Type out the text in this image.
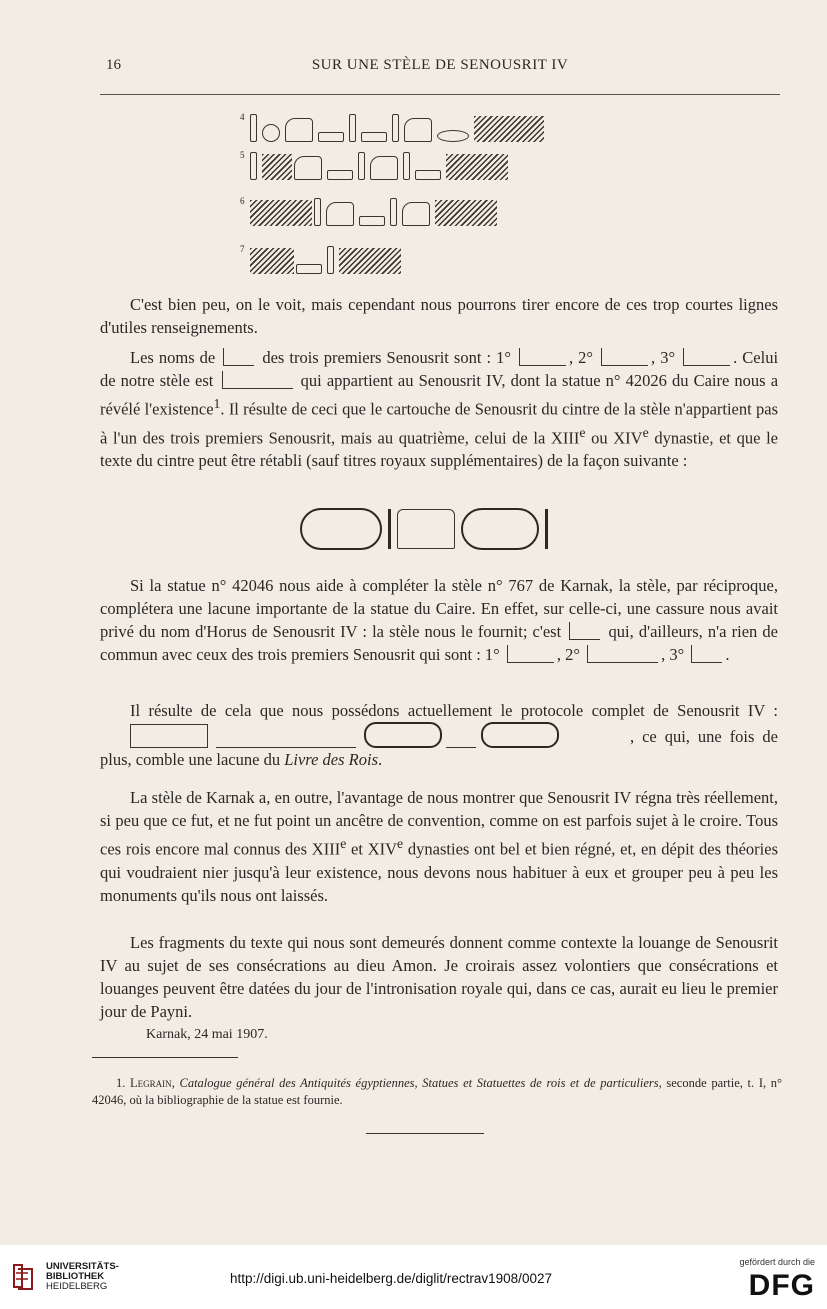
16	SUR UNE STÈLE DE SENOUSRIT IV
4
5
6
7

C'est bien peu, on le voit, mais cependant nous pourrons tirer encore de ces trop courtes lignes d'utiles renseignements.

Les noms de	des trois premiers Senousrit sont : 1°	, 2°	, 3°	. Celui de notre stèle est	qui appartient au Senousrit IV, dont la statue n° 42026 du Caire nous a révélé l'existence$^1$. Il résulte de ceci que le cartouche de Senousrit du cintre de la stèle n'appartient pas à l'un des trois premiers Senousrit, mais au quatrième, celui de la XIIIe ou XIVe dynastie, et que le texte du cintre peut être rétabli (sauf titres royaux supplémentaires) de la façon suivante :

Si la statue n° 42046 nous aide à compléter la stèle n° 767 de Karnak, la stèle, par réciproque, complétera une lacune importante de la statue du Caire. En effet, sur celle-ci, une cassure nous avait privé du nom d'Horus de Senousrit IV : la stèle nous le fournit; c'est	qui, d'ailleurs, n'a rien de commun avec ceux des trois premiers Senousrit qui sont : 1°	, 2°	, 3° .

Il résulte de cela que nous possédons actuellement le protocole complet de Senousrit IV :     , ce qui, une fois de plus, comble une lacune du Livre des Rois.

La stèle de Karnak a, en outre, l'avantage de nous montrer que Senousrit IV régna très réellement, si peu que ce fut, et ne fut point un ancêtre de convention, comme on est parfois sujet à le croire. Tous ces rois encore mal connus des XIIIe et XIVe dynasties ont bel et bien régné, et, en dépit des théories qui voudraient nier jusqu'à leur existence, nous devons nous habituer à eux et grouper peu à peu les monuments qu'ils nous ont laissés.

Les fragments du texte qui nous sont demeurés donnent comme contexte la louange de Senousrit IV au sujet de ses consécrations au dieu Amon. Je croirais assez volontiers que consécrations et louanges peuvent être datées du jour de l'intronisation royale qui, dans ce cas, aurait eu lieu le premier jour de Payni.

Karnak, 24 mai 1907.

1. Legrain, Catalogue général des Antiquités égyptiennes, Statues et Statuettes de rois et de particuliers, seconde partie, t. I, n° 42046, où la bibliographie de la statue est fournie.

UNIVERSITÄTS-
BIBLIOTHEK
HEIDELBERG
http://digi.ub.uni-heidelberg.de/diglit/rectrav1908/0027
gefördert durch die
DFG
